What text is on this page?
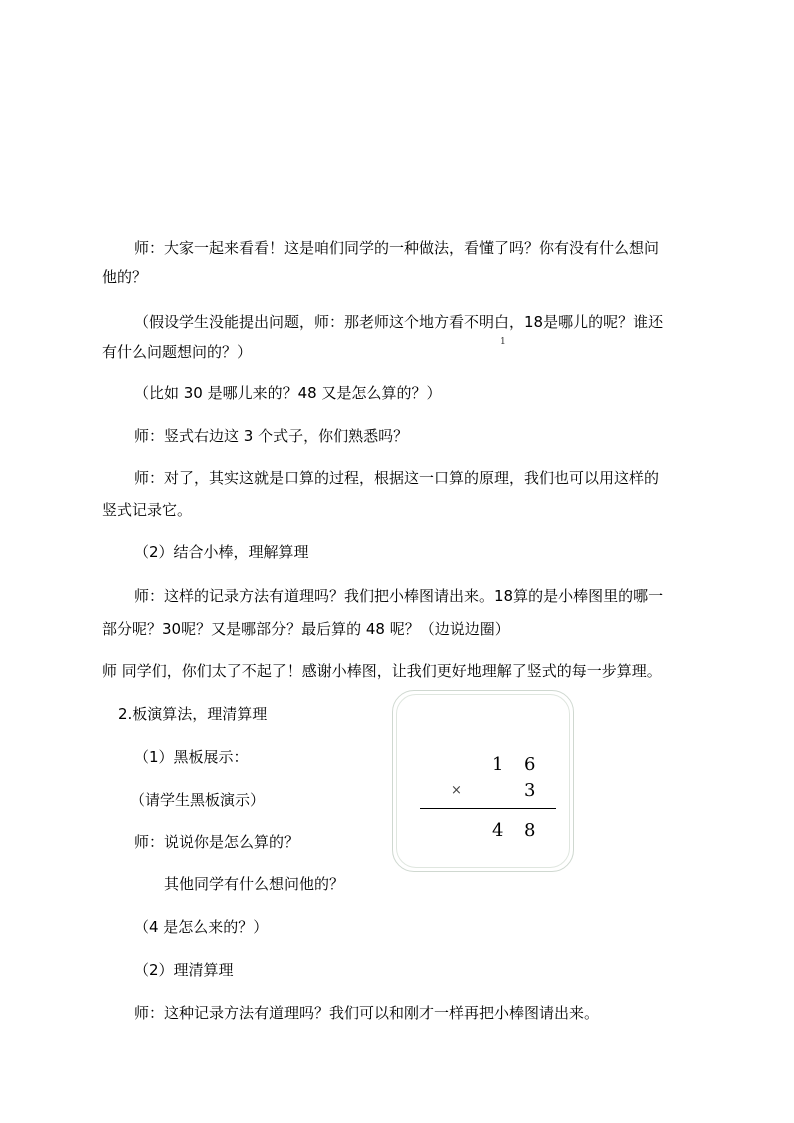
师：大家一起来看看！这是咱们同学的一种做法，看懂了吗？你有没有什么想问
他的？
（假设学生没能提出问题，师：那老师这个地方看不明白，18是哪儿的呢？谁还
1
有什么问题想问的？）
（比如 30 是哪儿来的？48 又是怎么算的？）
师：竖式右边这 3 个式子，你们熟悉吗？
师：对了，其实这就是口算的过程，根据这一口算的原理，我们也可以用这样的
竖式记录它。
（2）结合小棒，理解算理
师：这样的记录方法有道理吗？我们把小棒图请出来。18算的是小棒图里的哪一
部分呢？30呢？又是哪部分？最后算的 48 呢？（边说边圈）
师 同学们，你们太了不起了！感谢小棒图，让我们更好地理解了竖式的每一步算理。
2.板演算法，理清算理
（1）黑板展示：
（请学生黑板演示）
师：说说你是怎么算的？
其他同学有什么想问他的？
（4 是怎么来的？）
（2）理清算理
师：这种记录方法有道理吗？我们可以和刚才一样再把小棒图请出来。
1 6
×	3
4 8
